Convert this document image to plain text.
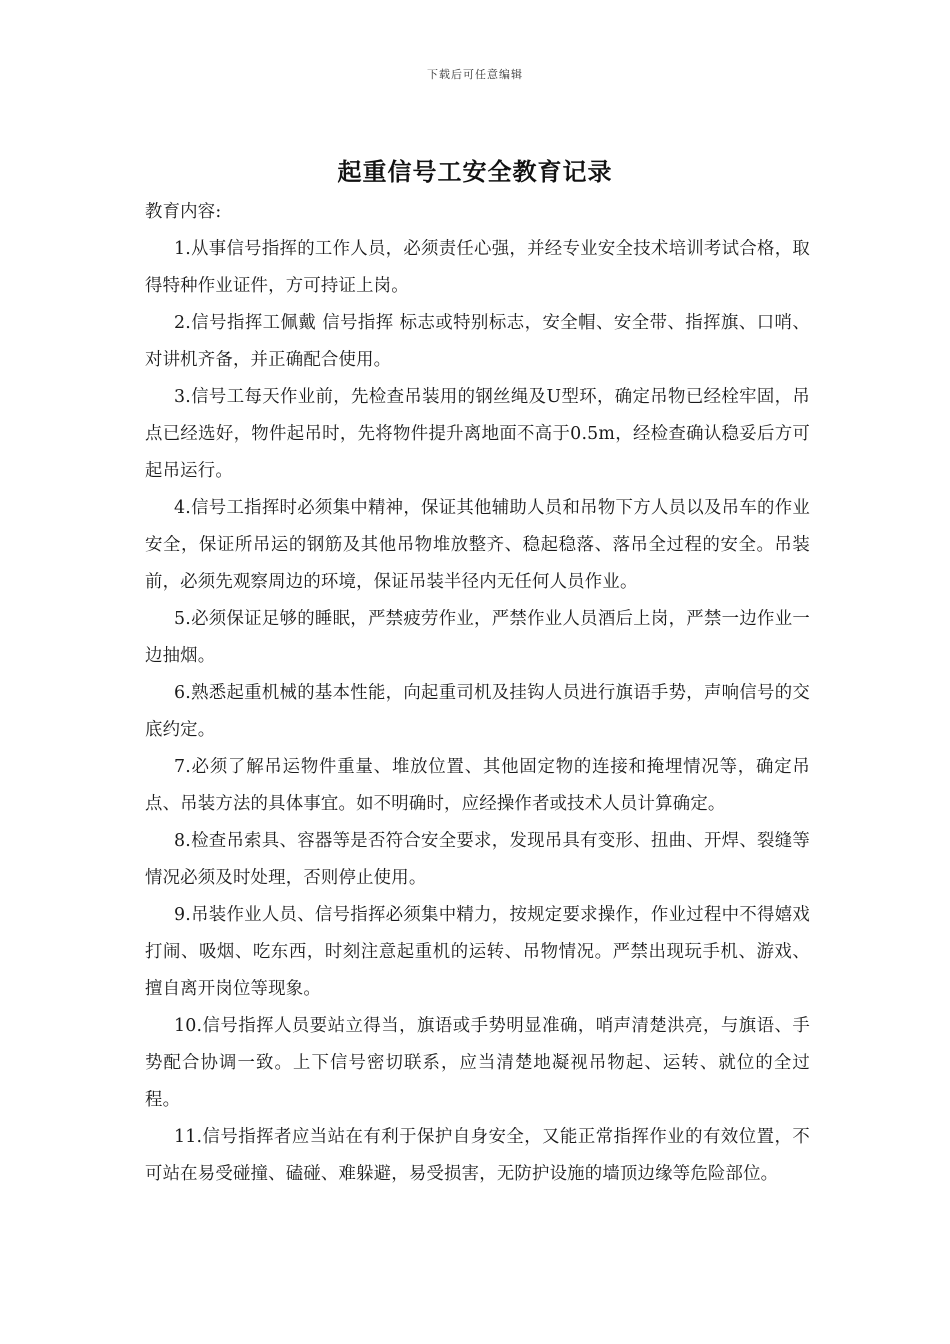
下载后可任意编辑
起重信号工安全教育记录

教育内容:

1.从事信号指挥的工作人员，必须责任心强，并经专业安全技术培训考试合格，取得特种作业证件，方可持证上岗。

2.信号指挥工佩戴 信号指挥 标志或特别标志，安全帽、安全带、指挥旗、口哨、对讲机齐备，并正确配合使用。

3.信号工每天作业前，先检查吊装用的钢丝绳及U型环，确定吊物已经栓牢固，吊点已经选好，物件起吊时，先将物件提升离地面不高于0.5m，经检查确认稳妥后方可起吊运行。

4.信号工指挥时必须集中精神，保证其他辅助人员和吊物下方人员以及吊车的作业安全，保证所吊运的钢筋及其他吊物堆放整齐、稳起稳落、落吊全过程的安全。吊装前，必须先观察周边的环境，保证吊装半径内无任何人员作业。

5.必须保证足够的睡眠，严禁疲劳作业，严禁作业人员酒后上岗，严禁一边作业一边抽烟。

6.熟悉起重机械的基本性能，向起重司机及挂钩人员进行旗语手势，声响信号的交底约定。

7.必须了解吊运物件重量、堆放位置、其他固定物的连接和掩埋情况等，确定吊点、吊装方法的具体事宜。如不明确时，应经操作者或技术人员计算确定。

8.检查吊索具、容器等是否符合安全要求，发现吊具有变形、扭曲、开焊、裂缝等情况必须及时处理，否则停止使用。

9.吊装作业人员、信号指挥必须集中精力，按规定要求操作，作业过程中不得嬉戏打闹、吸烟、吃东西，时刻注意起重机的运转、吊物情况。严禁出现玩手机、游戏、擅自离开岗位等现象。

10.信号指挥人员要站立得当，旗语或手势明显准确，哨声清楚洪亮，与旗语、手势配合协调一致。上下信号密切联系，应当清楚地凝视吊物起、运转、就位的全过程。

11.信号指挥者应当站在有利于保护自身安全，又能正常指挥作业的有效位置，不可站在易受碰撞、磕碰、难躲避，易受损害，无防护设施的墙顶边缘等危险部位。
